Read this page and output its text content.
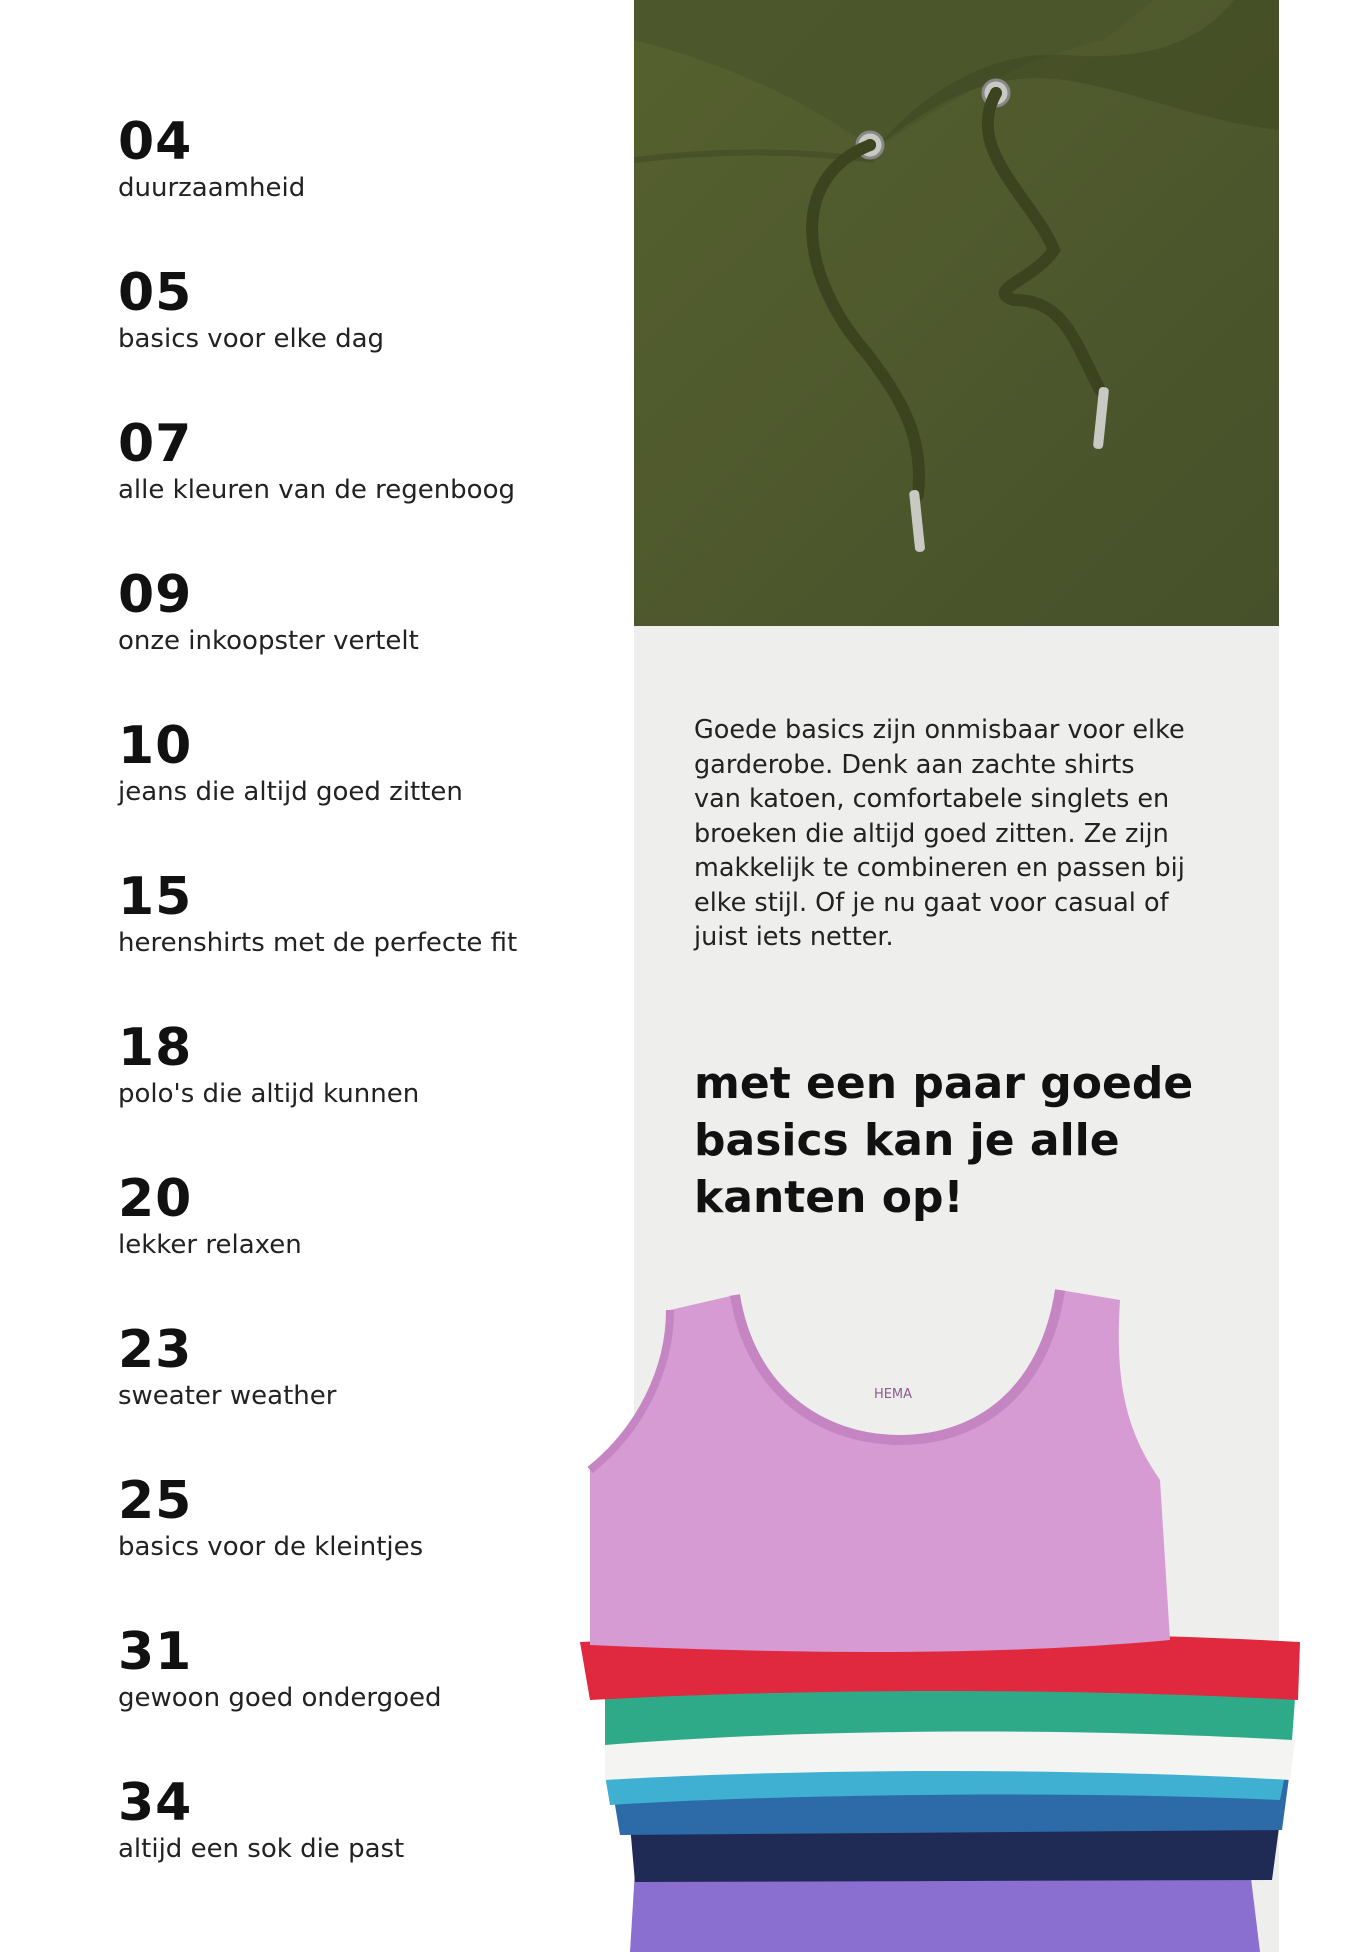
04
duurzaamheid
05
basics voor elke dag
07
alle kleuren van de regenboog
09
onze inkoopster vertelt
10
jeans die altijd goed zitten
15
herenshirts met de perfecte fit
18
polo's die altijd kunnen
20
lekker relaxen
23
sweater weather
25
basics voor de kleintjes
31
gewoon goed ondergoed
34
altijd een sok die past
Goede basics zijn onmisbaar voor elke
garderobe. Denk aan zachte shirts
van katoen, comfortabele singlets en
broeken die altijd goed zitten. Ze zijn
makkelijk te combineren en passen bij
elke stijl. Of je nu gaat voor casual of
juist iets netter.
met een paar goede
basics kan je alle
kanten op!
HEMA
